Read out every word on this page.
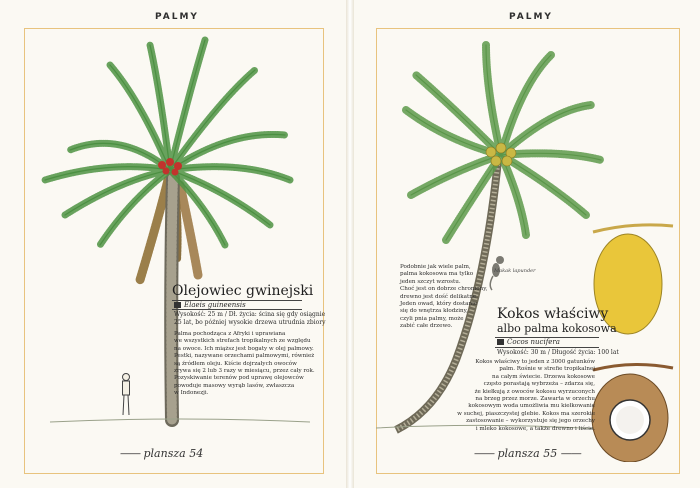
PALMY
Olejowiec gwinejski
Elaeis guineensis
Wysokość: 25 m / Dł. życia: ścina się gdy osiągnie
25 lat, bo później wysokie drzewa utrudnia zbiory
Palma pochodząca z Afryki i uprawiana
we wszystkich strefach tropikalnych ze względu
na owoce. Ich miąższ jest bogaty w olej palmowy.
Pestki, nazywane orzechami palmowymi, również
są źródłem oleju. Kiście dojrzałych owoców
zrywa się 2 lub 3 razy w miesiącu, przez cały rok.
Pozyskiwanie terenów pod uprawę olejowców
powoduje masowy wyrąb lasów, zwłaszcza
w Indonezji.
—— plansza 54
PALMY
Makak lapunder
Podobnie jak wiele palm,
palma kokosowa ma tylko
jeden szczyt wzrostu.
Choć jest on dobrze chroniony,
drewno jest dość delikatne.
Jeden owad, który dostanie
się do wnętrza kłodziny,
czyli pnia palmy, może
zabić całe drzewo.
Kokos właściwy
albo palma kokosowa
Cocos nucifera
Wysokość: 30 m / Długość życia: 100 lat
Kokos właściwy to jeden z 3000 gatunków
palm. Rośnie w strefie tropikalnej
na całym świecie. Drzewa kokosowe
często porastają wybrzeża – zdarza się,
że kiełkują z owoców kokosu wyrzuconych
na brzeg przez morze. Zawarta w orzechu
kokosowym woda umożliwia mu kiełkowanie
w suchej, piaszczystej glebie. Kokos ma szerokie
zastosowanie – wykorzystuje się jego orzechy
i mleko kokosowe, a także drewno i liście.
—— plansza 55 ——
